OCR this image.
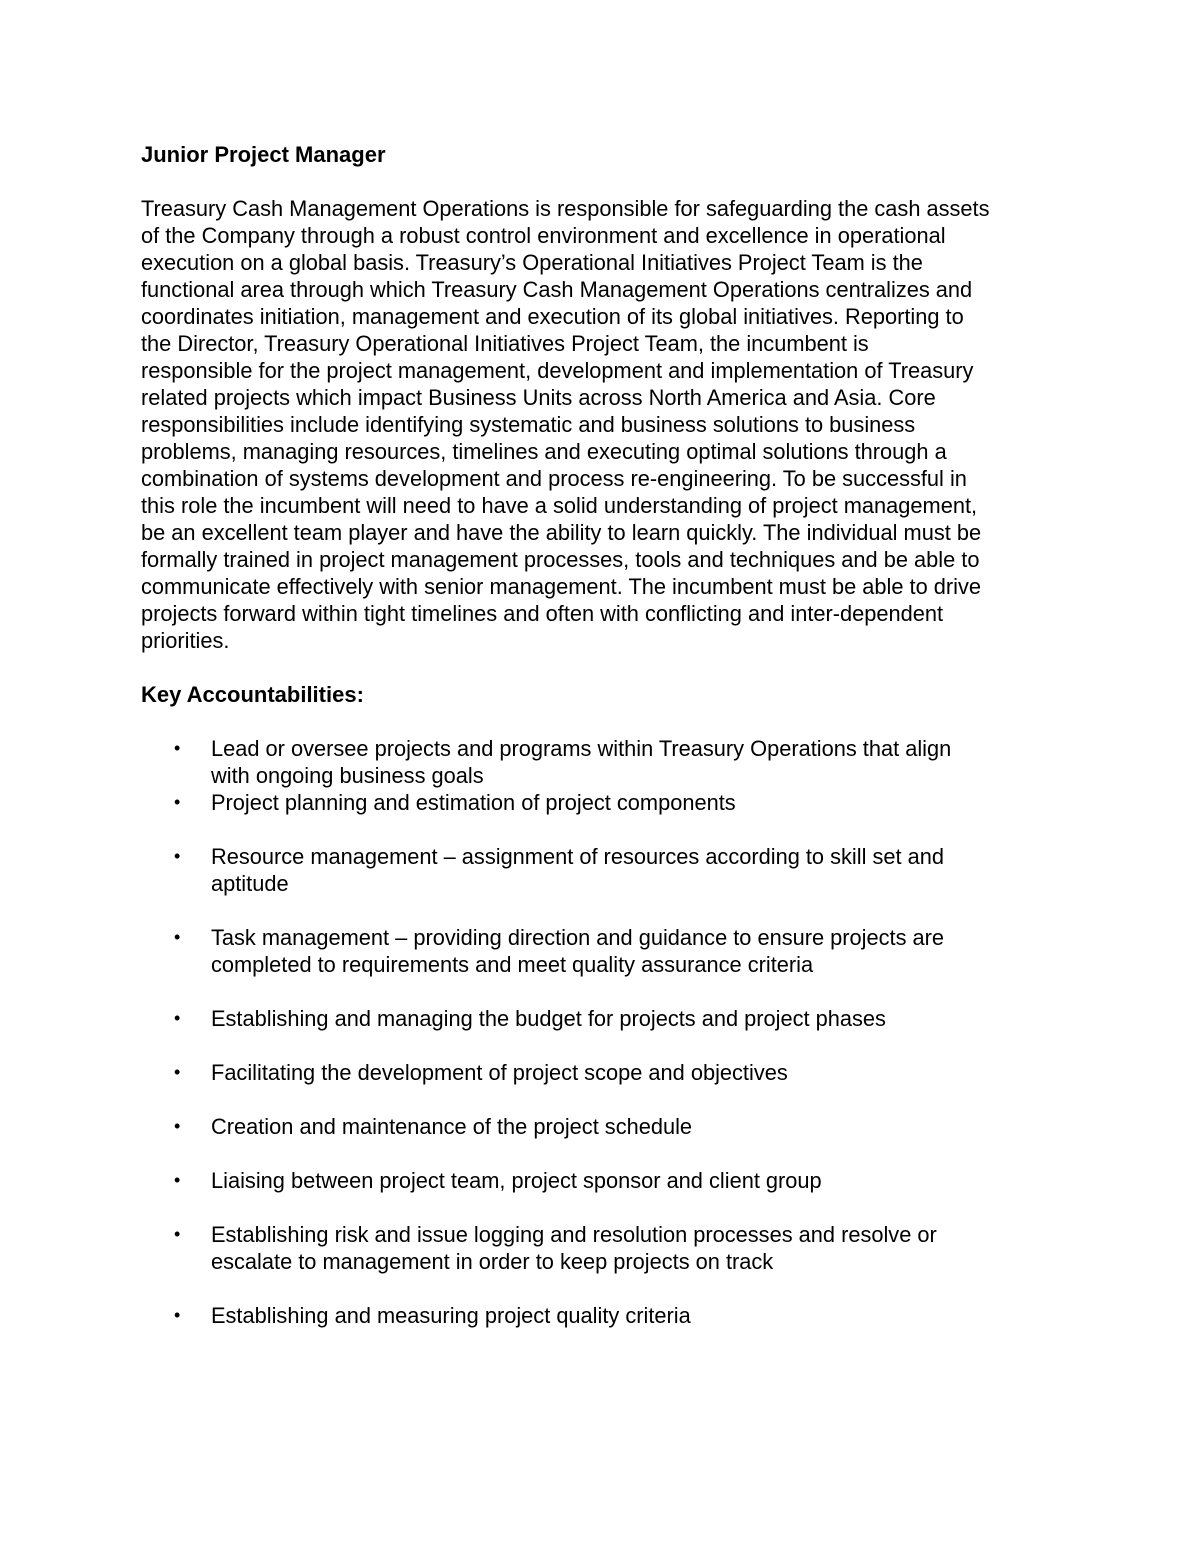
Junior Project Manager
Treasury Cash Management Operations is responsible for safeguarding the cash assets
of the Company through a robust control environment and excellence in operational
execution on a global basis. Treasury’s Operational Initiatives Project Team is the
functional area through which Treasury Cash Management Operations centralizes and
coordinates initiation, management and execution of its global initiatives. Reporting to
the Director, Treasury Operational Initiatives Project Team, the incumbent is
responsible for the project management, development and implementation of Treasury
related projects which impact Business Units across North America and Asia. Core
responsibilities include identifying systematic and business solutions to business
problems, managing resources, timelines and executing optimal solutions through a
combination of systems development and process re-engineering. To be successful in
this role the incumbent will need to have a solid understanding of project management,
be an excellent team player and have the ability to learn quickly. The individual must be
formally trained in project management processes, tools and techniques and be able to
communicate effectively with senior management. The incumbent must be able to drive
projects forward within tight timelines and often with conflicting and inter-dependent
priorities.
Key Accountabilities:
• Lead or oversee projects and programs within Treasury Operations that align
with ongoing business goals
• Project planning and estimation of project components
• Resource management – assignment of resources according to skill set and
aptitude
• Task management – providing direction and guidance to ensure projects are
completed to requirements and meet quality assurance criteria
• Establishing and managing the budget for projects and project phases
• Facilitating the development of project scope and objectives
• Creation and maintenance of the project schedule
• Liaising between project team, project sponsor and client group
• Establishing risk and issue logging and resolution processes and resolve or
escalate to management in order to keep projects on track
• Establishing and measuring project quality criteria
